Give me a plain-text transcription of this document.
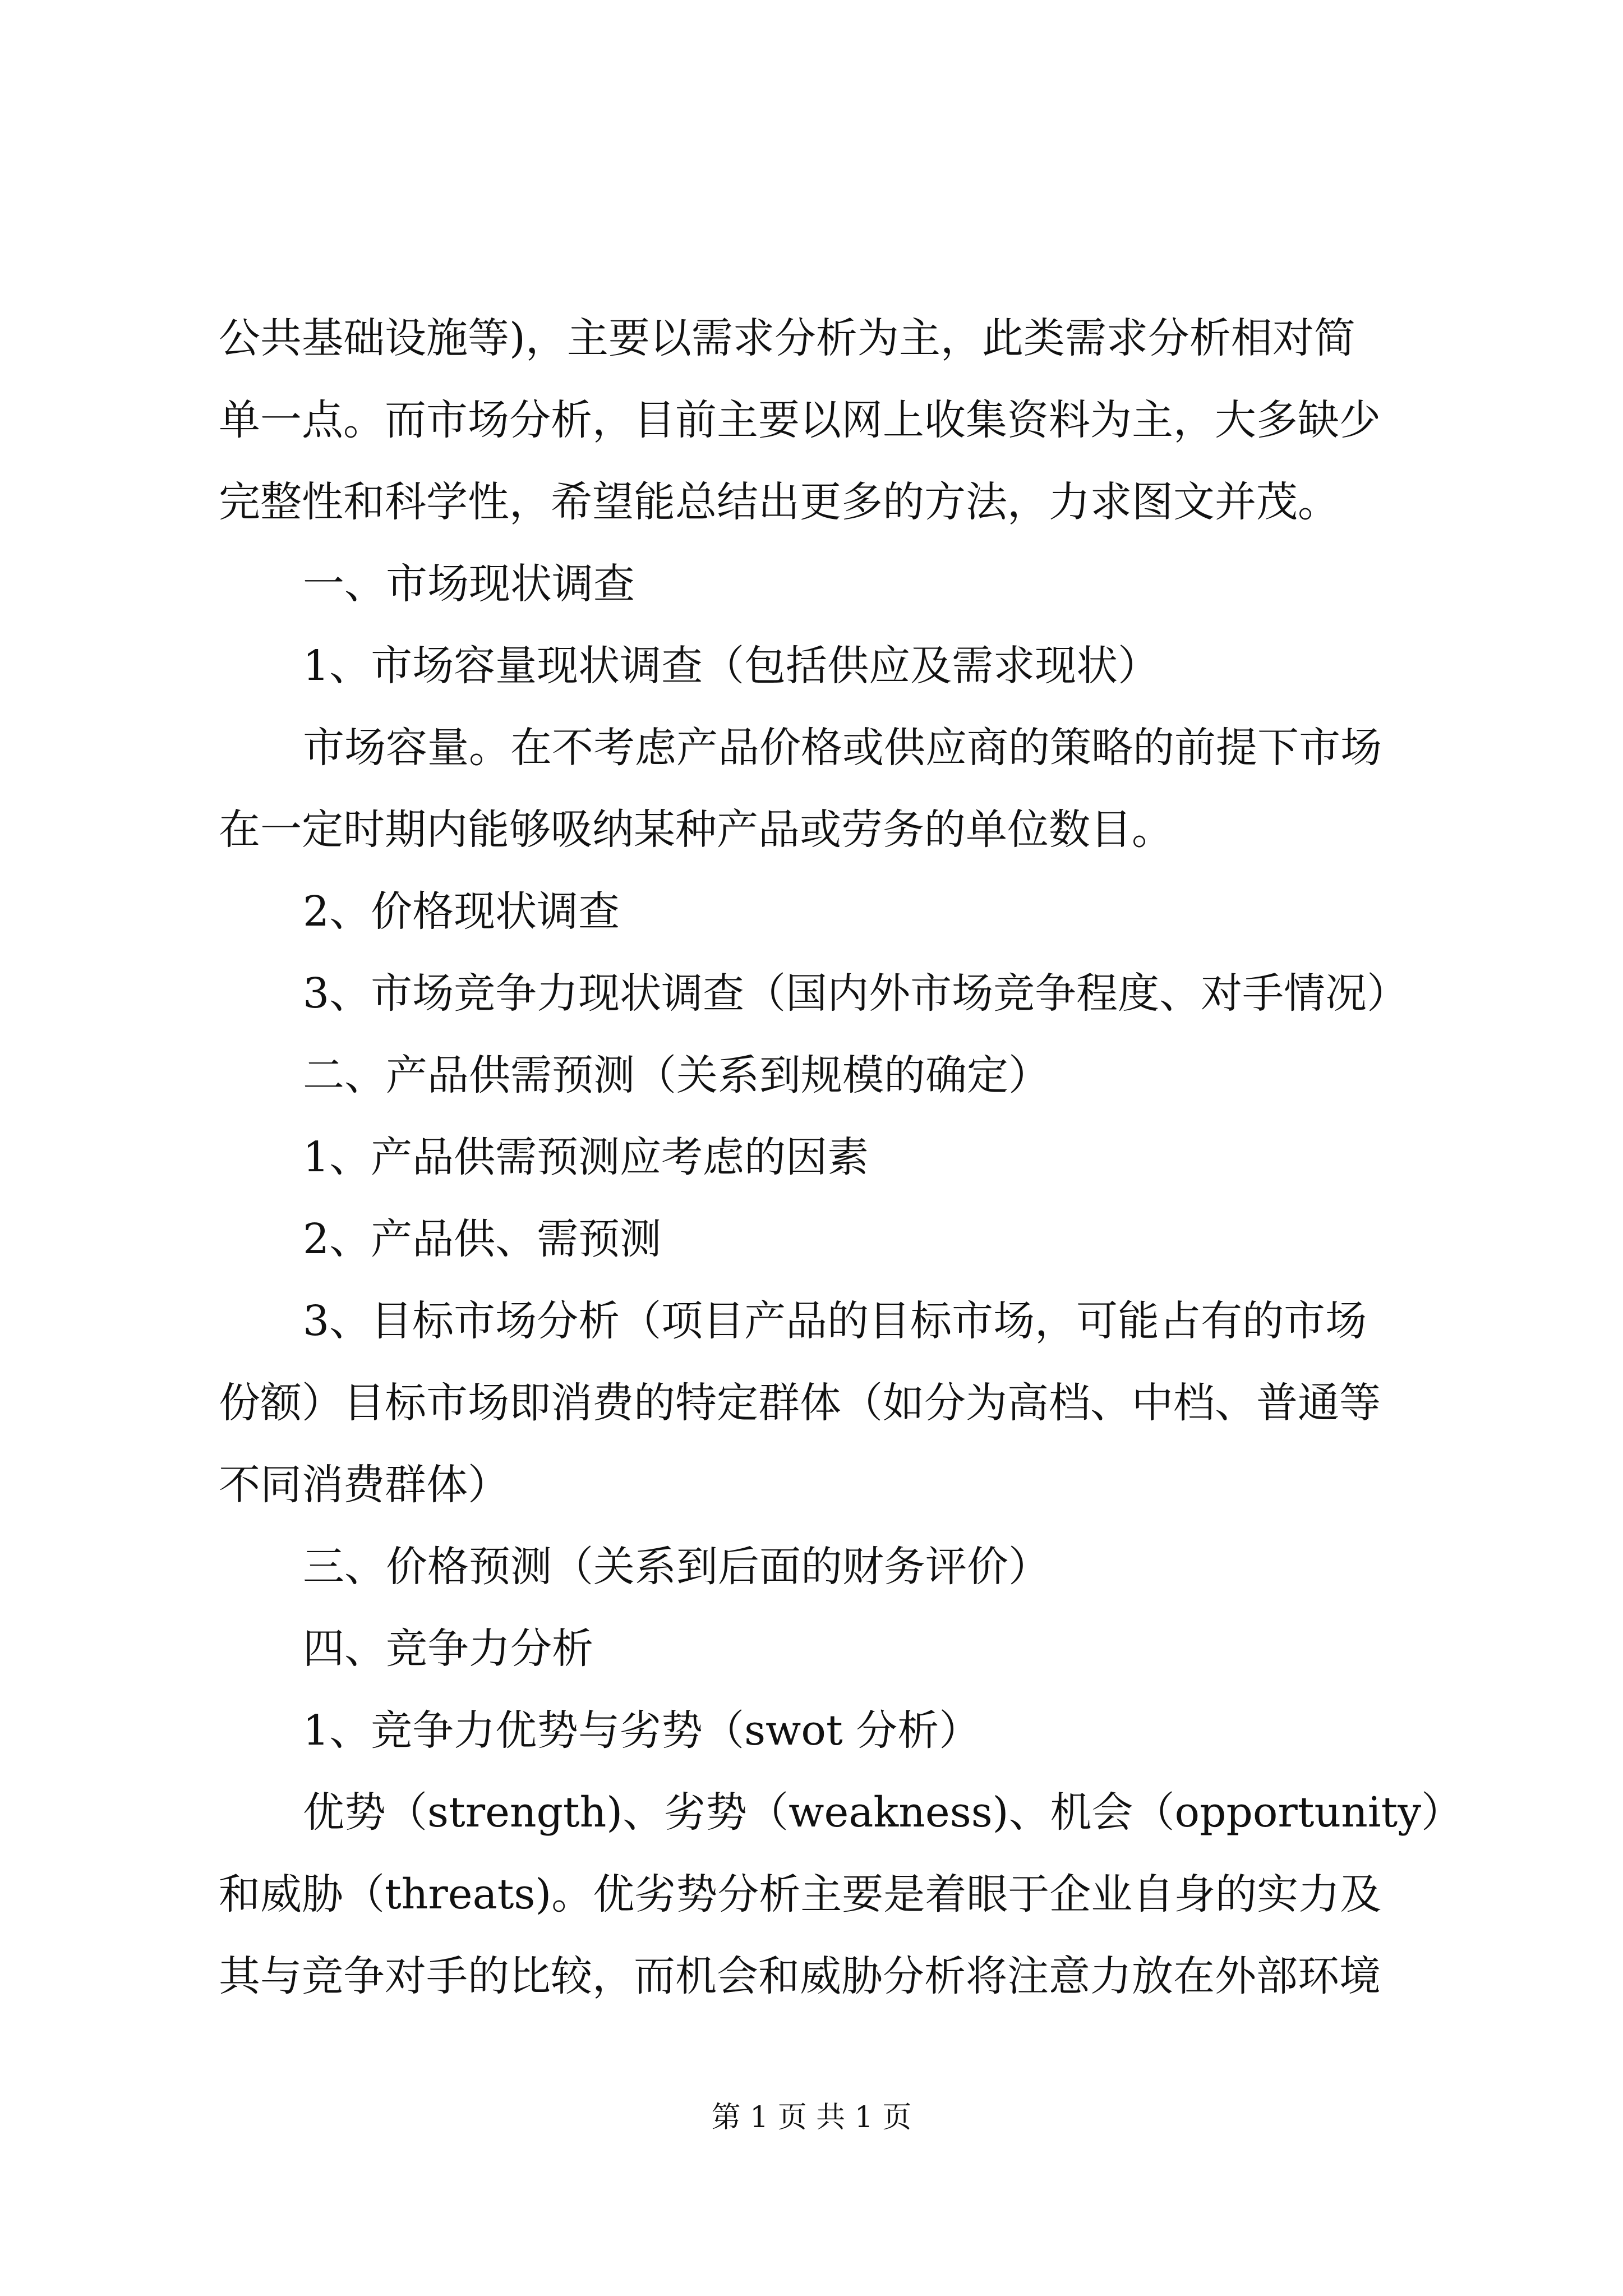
公共基础设施等)，主要以需求分析为主，此类需求分析相对简
单一点。而市场分析，目前主要以网上收集资料为主，大多缺少
完整性和科学性，希望能总结出更多的方法，力求图文并茂。
一、市场现状调查
1、市场容量现状调查（包括供应及需求现状）
市场容量。在不考虑产品价格或供应商的策略的前提下市场
在一定时期内能够吸纳某种产品或劳务的单位数目。
2、价格现状调查
3、市场竞争力现状调查（国内外市场竞争程度、对手情况）
二、产品供需预测（关系到规模的确定）
1、产品供需预测应考虑的因素
2、产品供、需预测
3、目标市场分析（项目产品的目标市场，可能占有的市场
份额）目标市场即消费的特定群体（如分为高档、中档、普通等
不同消费群体）
三、价格预测（关系到后面的财务评价）
四、竞争力分析
1、竞争力优势与劣势（swot 分析）
优势（strength)、劣势（weakness)、机会（opportunity）
和威胁（threats)。优劣势分析主要是着眼于企业自身的实力及
其与竞争对手的比较，而机会和威胁分析将注意力放在外部环境
第 1 页 共 1 页
